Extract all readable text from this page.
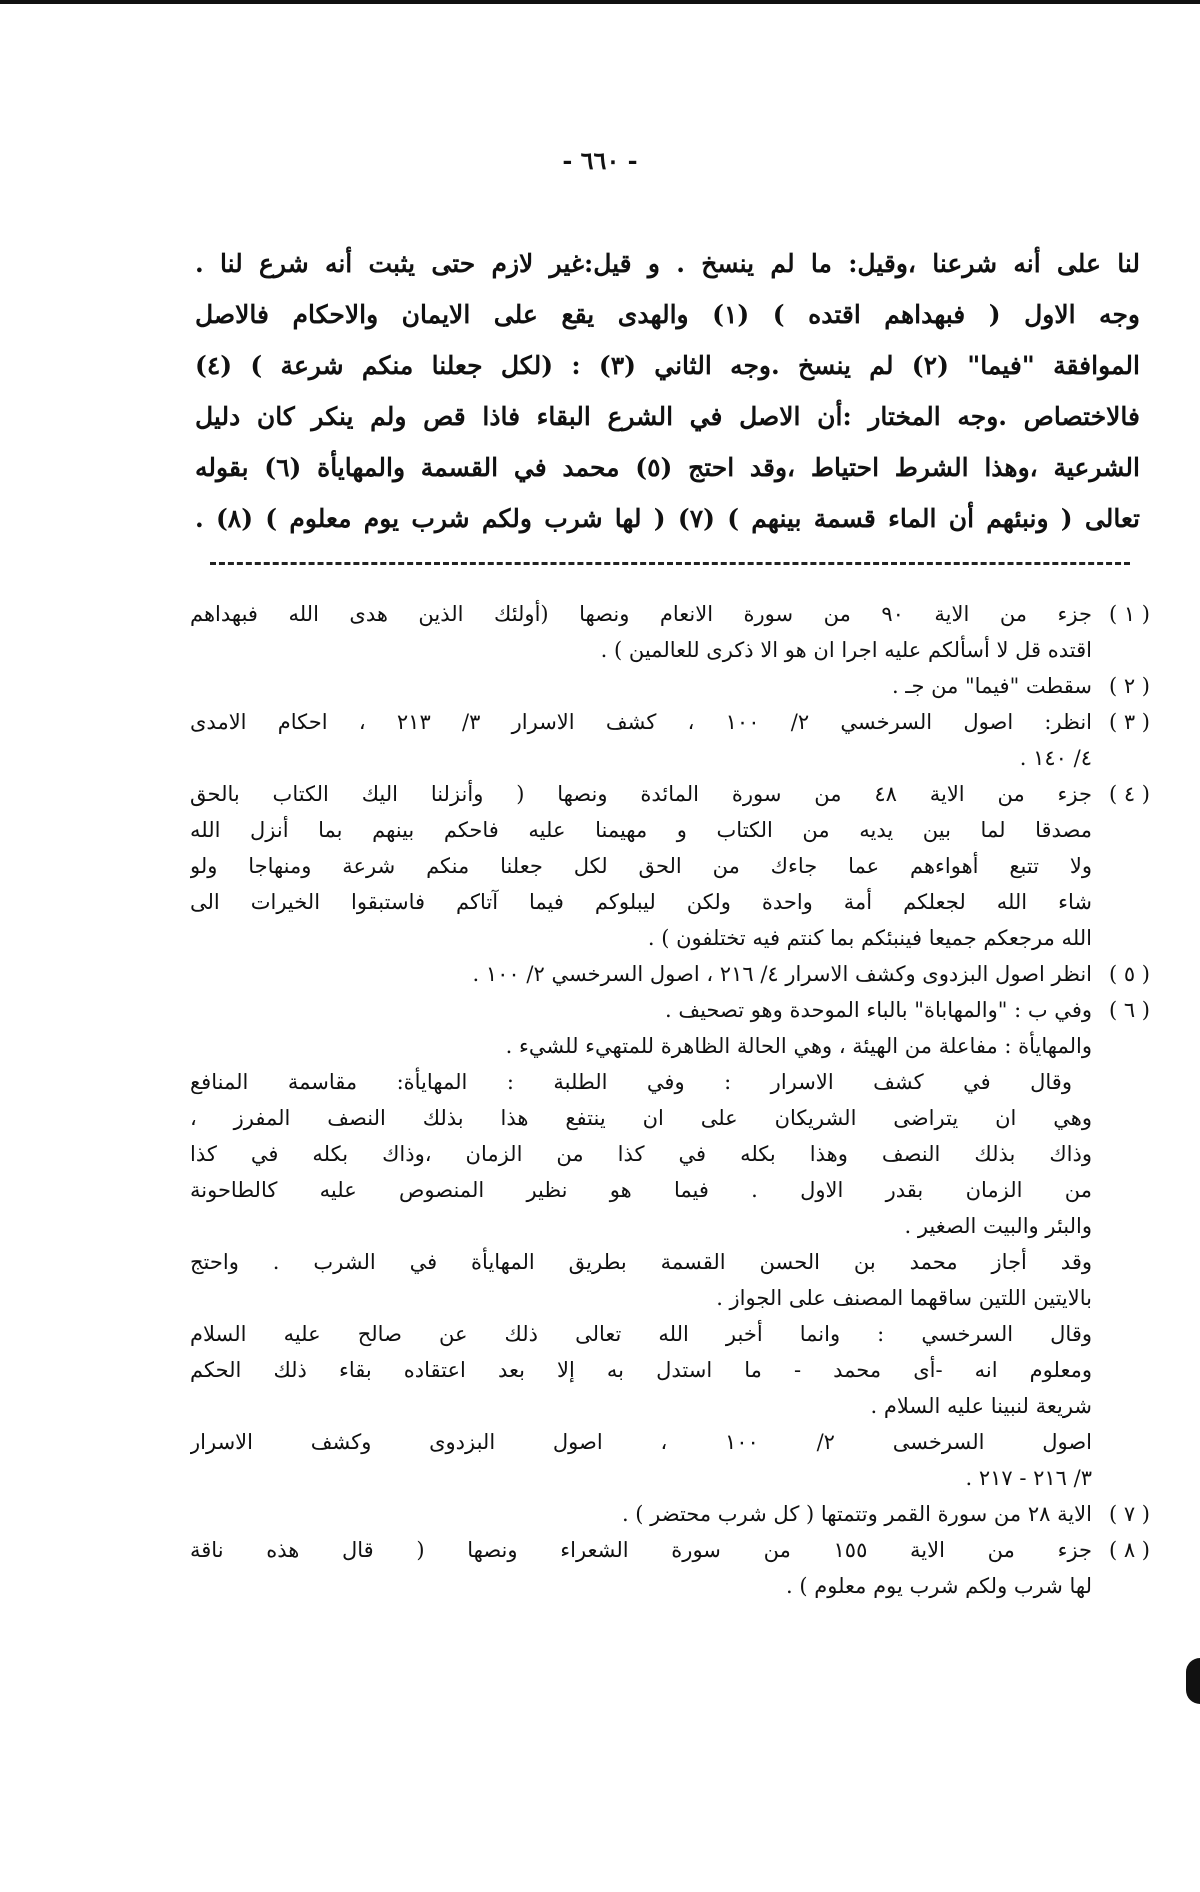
- ٦٦٠ -
لنا على أنه شرعنا ،وقيل: ما لم ينسخ . و قيل:غير لازم حتى يثبت أنه شرع لنا .
وجه الاول ( فبهداهم اقتده ) (١) والهدى يقع على الايمان والاحكام فالاصل
الموافقة "فيما" (٢) لم ينسخ .وجه الثاني (٣) : (لكل جعلنا منكم شرعة ) (٤)
فالاختصاص .وجه المختار :أن الاصل في الشرع البقاء فاذا قص ولم ينكر كان دليل
الشرعية ،وهذا الشرط احتياط ،وقد احتج (٥) محمد في القسمة والمهايأة (٦) بقوله
تعالى ( ونبئهم أن الماء قسمة بينهم ) (٧) ( لها شرب ولكم شرب يوم معلوم ) (٨) .
( ١ )
جزء من الاية ٩٠ من سورة الانعام ونصها (أولئك الذين هدى الله فبهداهم
اقتده قل لا أسألكم عليه اجرا ان هو الا ذكرى للعالمين ) .
( ٢ )
سقطت "فيما" من جـ .
( ٣ )
انظر: اصول السرخسي ٢/ ١٠٠ ، كشف الاسرار ٣/ ٢١٣ ، احكام الامدى
٤/ ١٤٠ .
( ٤ )
جزء من الاية ٤٨ من سورة المائدة ونصها ( وأنزلنا اليك الكتاب بالحق
مصدقا لما بين يديه من الكتاب و مهيمنا عليه فاحكم بينهم بما أنزل الله
ولا تتبع أهواءهم عما جاءك من الحق لكل جعلنا منكم شرعة ومنهاجا ولو
شاء الله لجعلكم أمة واحدة ولكن ليبلوكم فيما آتاكم فاستبقوا الخيرات الى
الله مرجعكم جميعا فينبئكم بما كنتم فيه تختلفون ) .
( ٥ )
انظر اصول البزدوى وكشف الاسرار ٤/ ٢١٦ ، اصول السرخسي ٢/ ١٠٠ .
( ٦ )
وفي ب : "والمهاباة" بالباء الموحدة وهو تصحيف .
والمهايأة : مفاعلة من الهيئة ، وهي الحالة الظاهرة للمتهيء للشيء .
وقال في كشف الاسرار : وفي الطلبة : المهايأة: مقاسمة المنافع
وهي ان يتراضى الشريكان على ان ينتفع هذا بذلك النصف المفرز ،
وذاك بذلك النصف وهذا بكله في كذا من الزمان ،وذاك بكله في كذا
من الزمان بقدر الاول . فيما هو نظير المنصوص عليه كالطاحونة
والبئر والبيت الصغير .
وقد أجاز محمد بن الحسن القسمة بطريق المهايأة في الشرب . واحتج
بالايتين اللتين ساقهما المصنف على الجواز .
وقال السرخسي : وانما أخبر الله تعالى ذلك عن صالح عليه السلام
ومعلوم انه -أى محمد - ما استدل به إلا بعد اعتقاده بقاء ذلك الحكم
شريعة لنبينا عليه السلام .
اصول السرخسى ٢/ ١٠٠ ، اصول البزدوى وكشف الاسرار
٣/ ٢١٦ - ٢١٧ .
( ٧ )
الاية ٢٨ من سورة القمر وتتمتها ( كل شرب محتضر ) .
( ٨ )
جزء من الاية ١٥٥ من سورة الشعراء ونصها ( قال هذه ناقة
لها شرب ولكم شرب يوم معلوم ) .
